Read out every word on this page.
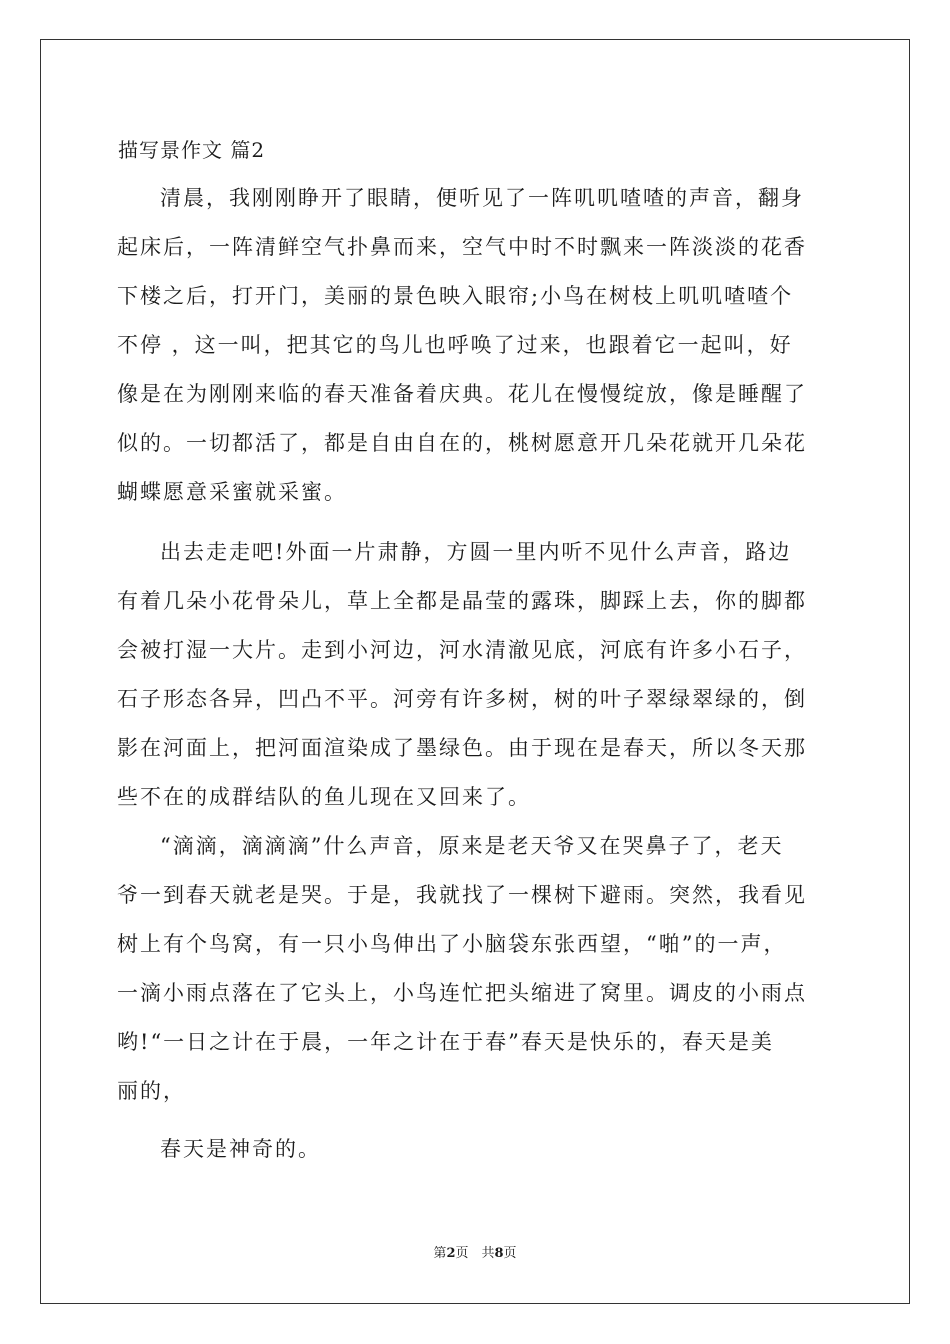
描写景作文 篇2
清晨，我刚刚睁开了眼睛，便听见了一阵叽叽喳喳的声音，翻身
起床后，一阵清鲜空气扑鼻而来，空气中时不时飘来一阵淡淡的花香
下楼之后，打开门，美丽的景色映入眼帘;小鸟在树枝上叽叽喳喳个
不停 ，这一叫，把其它的鸟儿也呼唤了过来，也跟着它一起叫，好
像是在为刚刚来临的春天准备着庆典。花儿在慢慢绽放，像是睡醒了
似的。一切都活了，都是自由自在的，桃树愿意开几朵花就开几朵花
蝴蝶愿意采蜜就采蜜。
出去走走吧!外面一片肃静，方圆一里内听不见什么声音，路边
有着几朵小花骨朵儿，草上全都是晶莹的露珠，脚踩上去，你的脚都
会被打湿一大片。走到小河边，河水清澈见底，河底有许多小石子，
石子形态各异，凹凸不平。河旁有许多树，树的叶子翠绿翠绿的，倒
影在河面上，把河面渲染成了墨绿色。由于现在是春天，所以冬天那
些不在的成群结队的鱼儿现在又回来了。
“滴滴，滴滴滴”什么声音，原来是老天爷又在哭鼻子了，老天
爷一到春天就老是哭。于是，我就找了一棵树下避雨。突然，我看见
树上有个鸟窝，有一只小鸟伸出了小脑袋东张西望，“啪”的一声，
一滴小雨点落在了它头上，小鸟连忙把头缩进了窝里。调皮的小雨点
哟!“一日之计在于晨，一年之计在于春”春天是快乐的，春天是美
丽的，
春天是神奇的。
第2页　共8页
